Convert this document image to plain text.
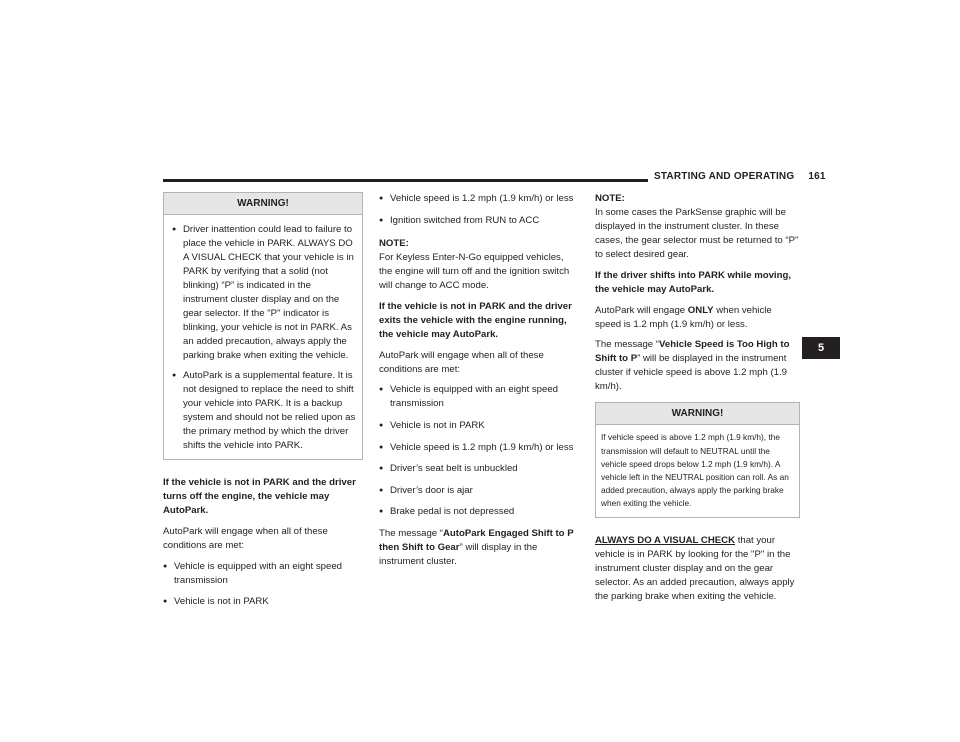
STARTING AND OPERATING 161
5
WARNING!
● Driver inattention could lead to failure to place the vehicle in PARK. ALWAYS DO A VISUAL CHECK that your vehicle is in PARK by verifying that a solid (not blinking) “P” is indicated in the instrument cluster display and on the gear selector. If the "P" indicator is blinking, your vehicle is not in PARK. As an added precaution, always apply the parking brake when exiting the vehicle.
● AutoPark is a supplemental feature. It is not designed to replace the need to shift your vehicle into PARK. It is a backup system and should not be relied upon as the primary method by which the driver shifts the vehicle into PARK.

If the vehicle is not in PARK and the driver turns off the engine, the vehicle may AutoPark.

AutoPark will engage when all of these conditions are met:

● Vehicle is equipped with an eight speed transmission
● Vehicle is not in PARK
● Vehicle speed is 1.2 mph (1.9 km/h) or less
● Ignition switched from RUN to ACC

NOTE:
For Keyless Enter-N-Go equipped vehicles, the engine will turn off and the ignition switch will change to ACC mode.

If the vehicle is not in PARK and the driver exits the vehicle with the engine running, the vehicle may AutoPark.

AutoPark will engage when all of these conditions are met:

● Vehicle is equipped with an eight speed transmission
● Vehicle is not in PARK
● Vehicle speed is 1.2 mph (1.9 km/h) or less
● Driver’s seat belt is unbuckled
● Driver’s door is ajar
● Brake pedal is not depressed

The message “AutoPark Engaged Shift to P then Shift to Gear” will display in the instrument cluster.

NOTE:
In some cases the ParkSense graphic will be displayed in the instrument cluster. In these cases, the gear selector must be returned to “P” to select desired gear.

If the driver shifts into PARK while moving, the vehicle may AutoPark.

AutoPark will engage ONLY when vehicle speed is 1.2 mph (1.9 km/h) or less.

The message “Vehicle Speed is Too High to Shift to P” will be displayed in the instrument cluster if vehicle speed is above 1.2 mph (1.9 km/h).

WARNING!
If vehicle speed is above 1.2 mph (1.9 km/h), the transmission will default to NEUTRAL until the vehicle speed drops below 1.2 mph (1.9 km/h). A vehicle left in the NEUTRAL position can roll. As an added precaution, always apply the parking brake when exiting the vehicle.

ALWAYS DO A VISUAL CHECK that your vehicle is in PARK by looking for the "P" in the instrument cluster display and on the gear selector. As an added precaution, always apply the parking brake when exiting the vehicle.
